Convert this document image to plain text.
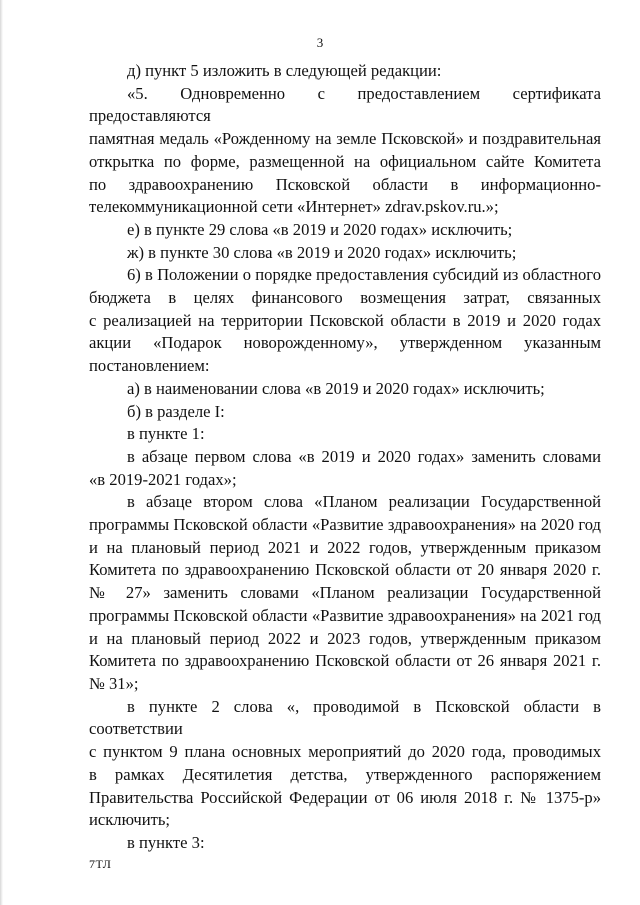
3

д) пункт 5 изложить в следующей редакции:

«5. Одновременно с предоставлением сертификата предоставляются

памятная медаль «Рожденному на земле Псковской» и поздравительная

открытка по форме, размещенной на официальном сайте Комитета

по здравоохранению Псковской области в информационно-

телекоммуникационной сети «Интернет» zdrav.pskov.ru.»;

е) в пункте 29 слова «в 2019 и 2020 годах» исключить;

ж) в пункте 30 слова «в 2019 и 2020 годах» исключить;

6) в Положении о порядке предоставления субсидий из областного

бюджета в целях финансового возмещения затрат, связанных

с реализацией на территории Псковской области в 2019 и 2020 годах

акции «Подарок новорожденному», утвержденном указанным

постановлением:

а) в наименовании слова «в 2019 и 2020 годах» исключить;

б) в разделе I:

в пункте 1:

в абзаце первом слова «в 2019 и 2020 годах» заменить словами

«в 2019-2021 годах»;

в абзаце втором слова «Планом реализации Государственной

программы Псковской области «Развитие здравоохранения» на 2020 год

и на плановый период 2021 и 2022 годов, утвержденным приказом

Комитета по здравоохранению Псковской области от 20 января 2020 г.

№ 27» заменить словами «Планом реализации Государственной

программы Псковской области «Развитие здравоохранения» на 2021 год

и на плановый период 2022 и 2023 годов, утвержденным приказом

Комитета по здравоохранению Псковской области от 26 января 2021 г.

№ 31»;

в пункте 2 слова «, проводимой в Псковской области в соответствии

с пунктом 9 плана основных мероприятий до 2020 года, проводимых

в рамках Десятилетия детства, утвержденного распоряжением

Правительства Российской Федерации от 06 июля 2018 г. № 1375-р»

исключить;

в пункте 3:

7ТЛ
